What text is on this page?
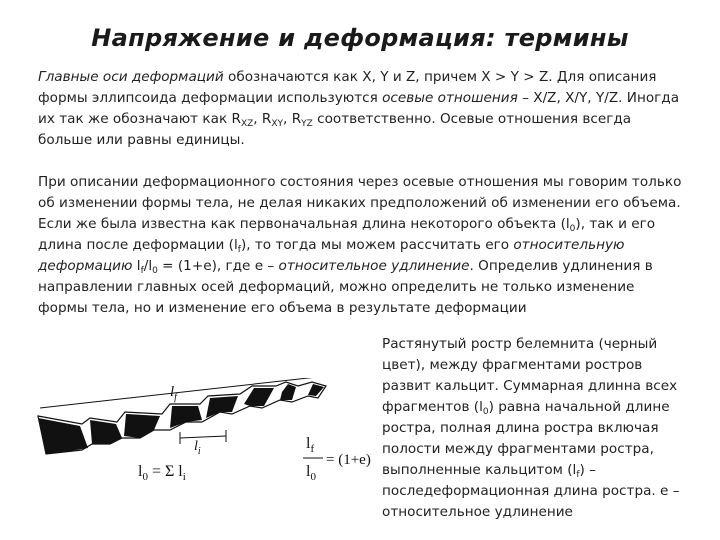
Напряжение и деформация: термины

Главные оси деформаций обозначаются как X, Y и Z, причем X > Y > Z. Для описания формы эллипсоида деформации используются осевые отношения – X/Z, X/Y, Y/Z. Иногда их так же обозначают как $R_{XZ}$, $R_{XY}$, $R_{YZ}$ соответственно. Осевые отношения всегда больше или равны единицы.

При описании деформационного состояния через осевые отношения мы говорим только об изменении формы тела, не делая никаких предположений об изменении его объема. Если же была известна как первоначальная длина некоторого объекта $(l_0)$, так и его длина после деформации $(l_f)$, то тогда мы можем рассчитать его относительную деформацию $l_f/l_0 = (1+e)$, где e – относительное удлинение. Определив удлинения в направлении главных осей деформаций, можно определить не только изменение формы тела, но и изменение его объема в результате деформации

Растянутый ростр белемнита (черный цвет), между фрагментами ростров развит кальцит. Суммарная длинна всех фрагментов $(l_0)$ равна начальной длине ростра, полная длина ростра включая полости между фрагментами ростра, выполненные кальцитом $(l_f)$ – последеформационная длина ростра. e – относительное удлинение

$l_f$
$l_i$
$l_0 = \Sigma$ $l_i$
$l_f$
$l_0$
= (1+e)
